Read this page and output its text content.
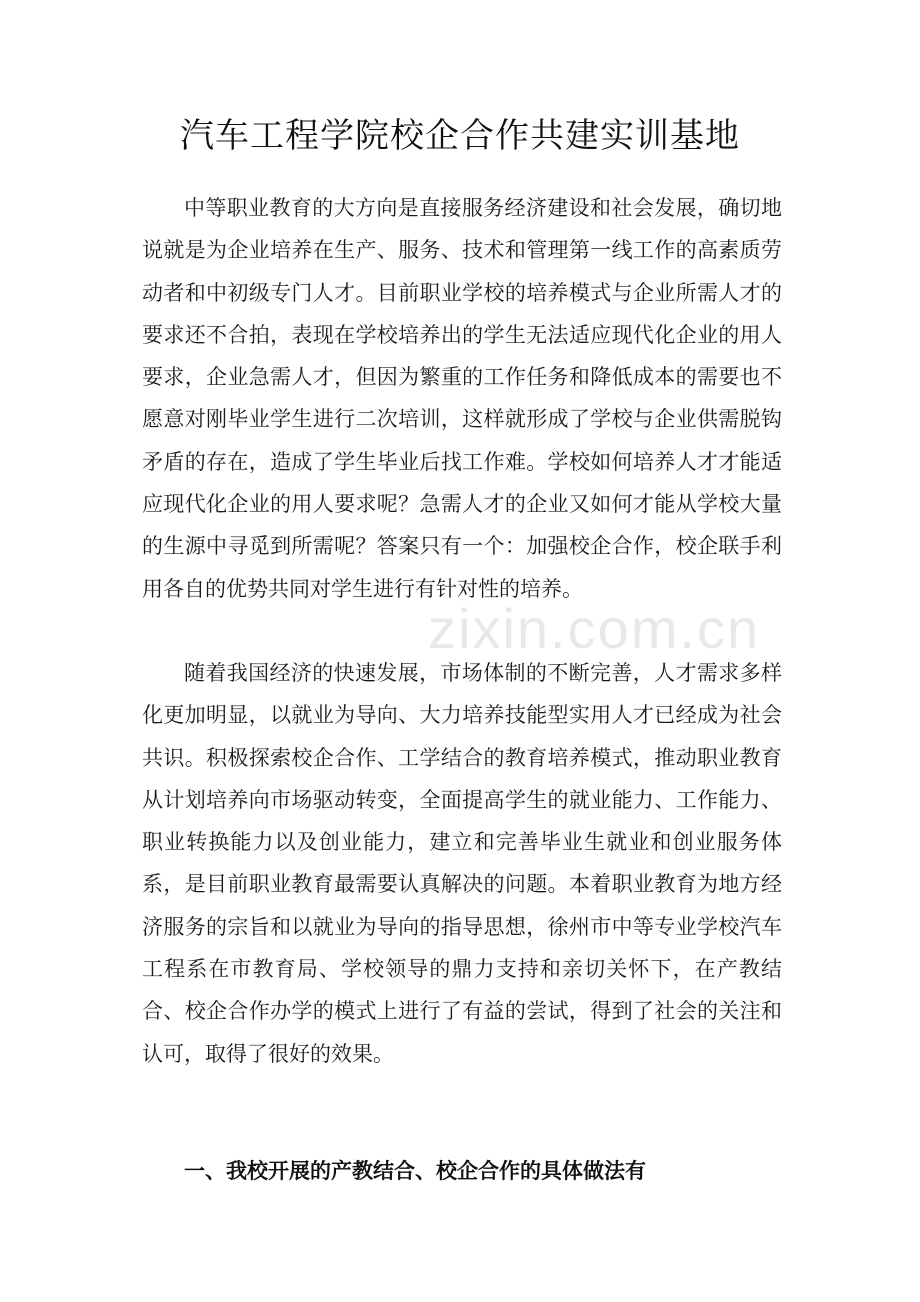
汽车工程学院校企合作共建实训基地

中等职业教育的大方向是直接服务经济建设和社会发展，确切地说就是为企业培养在生产、服务、技术和管理第一线工作的高素质劳动者和中初级专门人才。目前职业学校的培养模式与企业所需人才的要求还不合拍，表现在学校培养出的学生无法适应现代化企业的用人要求，企业急需人才，但因为繁重的工作任务和降低成本的需要也不愿意对刚毕业学生进行二次培训，这样就形成了学校与企业供需脱钩矛盾的存在，造成了学生毕业后找工作难。学校如何培养人才才能适应现代化企业的用人要求呢？急需人才的企业又如何才能从学校大量的生源中寻觅到所需呢？答案只有一个：加强校企合作，校企联手利用各自的优势共同对学生进行有针对性的培养。

zixin.com.cn

随着我国经济的快速发展，市场体制的不断完善，人才需求多样化更加明显，以就业为导向、大力培养技能型实用人才已经成为社会共识。积极探索校企合作、工学结合的教育培养模式，推动职业教育从计划培养向市场驱动转变，全面提高学生的就业能力、工作能力、职业转换能力以及创业能力，建立和完善毕业生就业和创业服务体系，是目前职业教育最需要认真解决的问题。本着职业教育为地方经济服务的宗旨和以就业为导向的指导思想，徐州市中等专业学校汽车工程系在市教育局、学校领导的鼎力支持和亲切关怀下，在产教结合、校企合作办学的模式上进行了有益的尝试，得到了社会的关注和认可，取得了很好的效果。

一、我校开展的产教结合、校企合作的具体做法有
